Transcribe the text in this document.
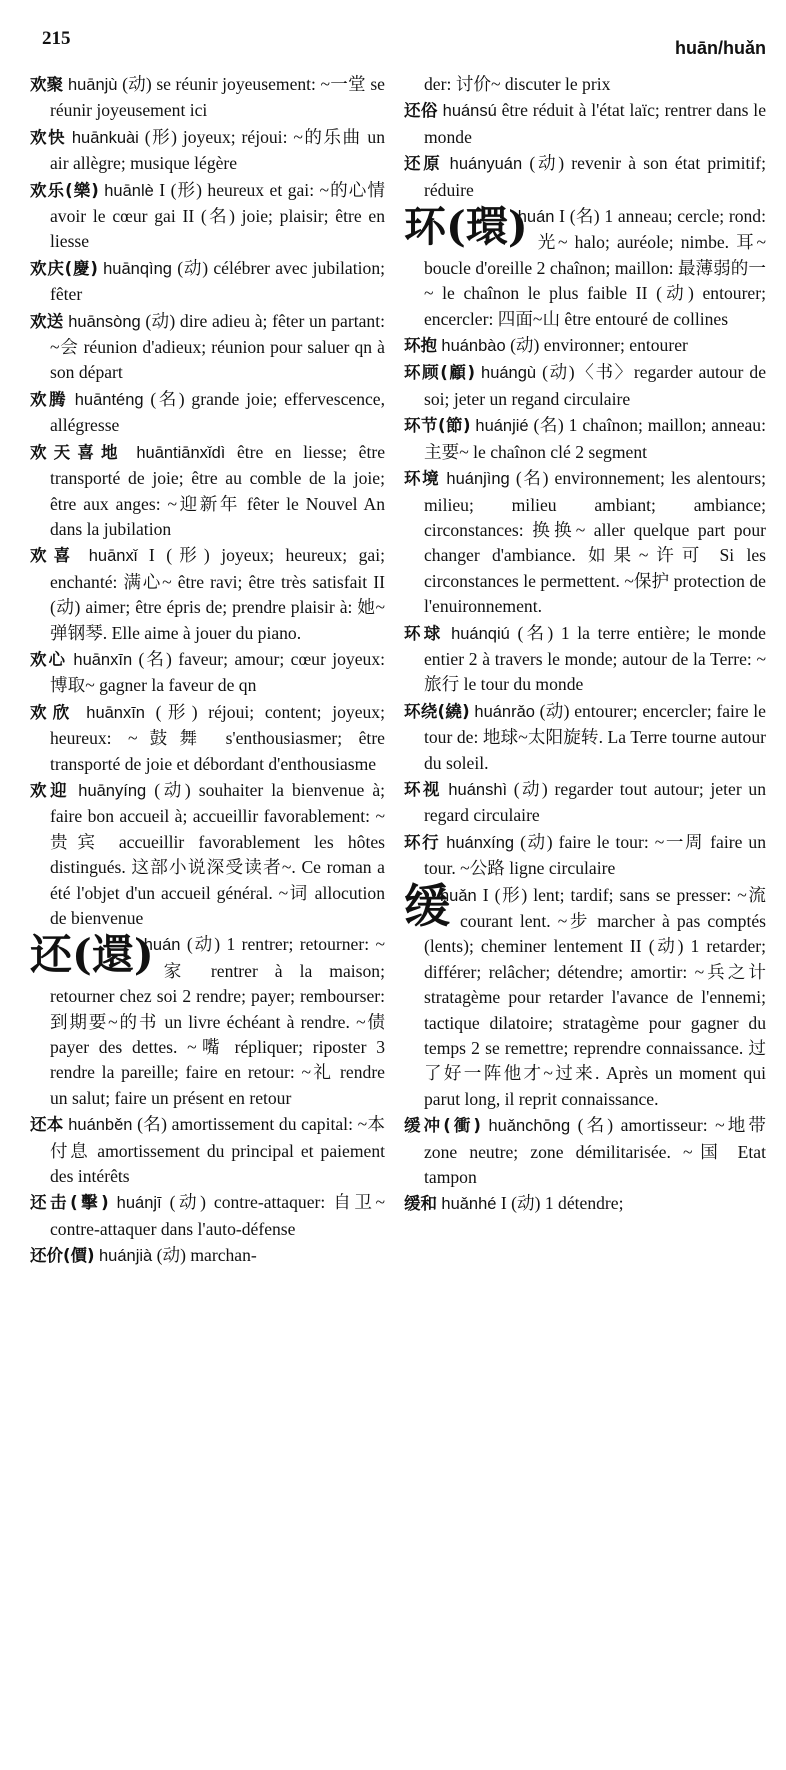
215	huān/huǎn

欢聚 huānjù (动) se réunir joyeusement: ~一堂 se réunir joyeusement ici

欢快 huānkuài (形) joyeux; réjoui: ~的乐曲 un air allègre; musique légère

欢乐(樂) huānlè I (形) heureux et gai: ~的心情 avoir le cœur gai II (名) joie; plaisir; être en liesse

欢庆(慶) huānqìng (动) célébrer avec jubilation; fêter

欢送 huānsòng (动) dire adieu à; fêter un partant: ~会 réunion d'adieux; réunion pour saluer qn à son départ

欢腾 huānténg (名) grande joie; effervescence, allégresse

欢天喜地 huāntiānxǐdì être en liesse; être transporté de joie; être au comble de la joie; être aux anges: ~迎新年 fêter le Nouvel An dans la jubilation

欢喜 huānxǐ I (形) joyeux; heureux; gai; enchanté: 满心~ être ravi; être très satisfait II (动) aimer; être épris de; prendre plaisir à: 她~弹钢琴. Elle aime à jouer du piano.

欢心 huānxīn (名) faveur; amour; cœur joyeux: 博取~ gagner la faveur de qn

欢欣 huānxīn (形) réjoui; content; joyeux; heureux: ~鼓舞 s'enthousiasmer; être transporté de joie et débordant d'enthousiasme

欢迎 huānyíng (动) souhaiter la bienvenue à; faire bon accueil à; accueillir favorablement: ~贵宾 accueillir favorablement les hôtes distingués. 这部小说深受读者~. Ce roman a été l'objet d'un accueil général. ~词 allocution de bienvenue

还(還)
huán (动) 1 rentrer; retourner: ~家 rentrer à la maison; retourner chez soi 2 rendre; payer; rembourser: 到期要~的书 un livre échéant à rendre. ~债 payer des dettes. ~嘴 répliquer; riposter 3 rendre la pareille; faire en retour: ~礼 rendre un salut; faire un présent en retour

还本 huánběn (名) amortissement du capital: ~本付息 amortissement du principal et paiement des intérêts

还击(擊) huánjī (动) contre-attaquer: 自卫~ contre-attaquer dans l'auto-défense

还价(價) huánjià (动) marchan-

der: 讨价~ discuter le prix

还俗 huánsú être réduit à l'état laïc; rentrer dans le monde

还原 huányuán (动) revenir à son état primitif; réduire

环(環)
huán I (名) 1 anneau; cercle; rond: 光~ halo; auréole; nimbe. 耳~ boucle d'oreille 2 chaînon; maillon: 最薄弱的一~ le chaînon le plus faible II (动) entourer; encercler: 四面~山 être entouré de collines

环抱 huánbào (动) environner; entourer

环顾(顧) huángù (动)〈书〉regarder autour de soi; jeter un regand circulaire

环节(節) huánjié (名) 1 chaînon; maillon; anneau: 主要~ le chaînon clé 2 segment

环境 huánjìng (名) environnement; les alentours; milieu; milieu ambiant; ambiance; circonstances: 换换~ aller quelque part pour changer d'ambiance. 如果~许可 Si les circonstances le permettent. ~保护 protection de l'enuironnement.

环球 huánqiú (名) 1 la terre entière; le monde entier 2 à travers le monde; autour de la Terre: ~旅行 le tour du monde

环绕(繞) huánrǎo (动) entourer; encercler; faire le tour de: 地球~太阳旋转. La Terre tourne autour du soleil.

环视 huánshì (动) regarder tout autour; jeter un regard circulaire

环行 huánxíng (动) faire le tour: ~一周 faire un tour. ~公路 ligne circulaire

缓
huǎn I (形) lent; tardif; sans se presser: ~流 courant lent. ~步 marcher à pas comptés (lents); cheminer lentement II (动) 1 retarder; différer; relâcher; détendre; amortir: ~兵之计 stratagème pour retarder l'avance de l'ennemi; tactique dilatoire; stratagème pour gagner du temps 2 se remettre; reprendre connaissance. 过了好一阵他才~过来. Après un moment qui parut long, il reprit connaissance.

缓冲(衝) huǎnchōng (名) amortisseur: ~地带 zone neutre; zone démilitarisée. ~国 Etat tampon

缓和 huǎnhé I (动) 1 détendre;
